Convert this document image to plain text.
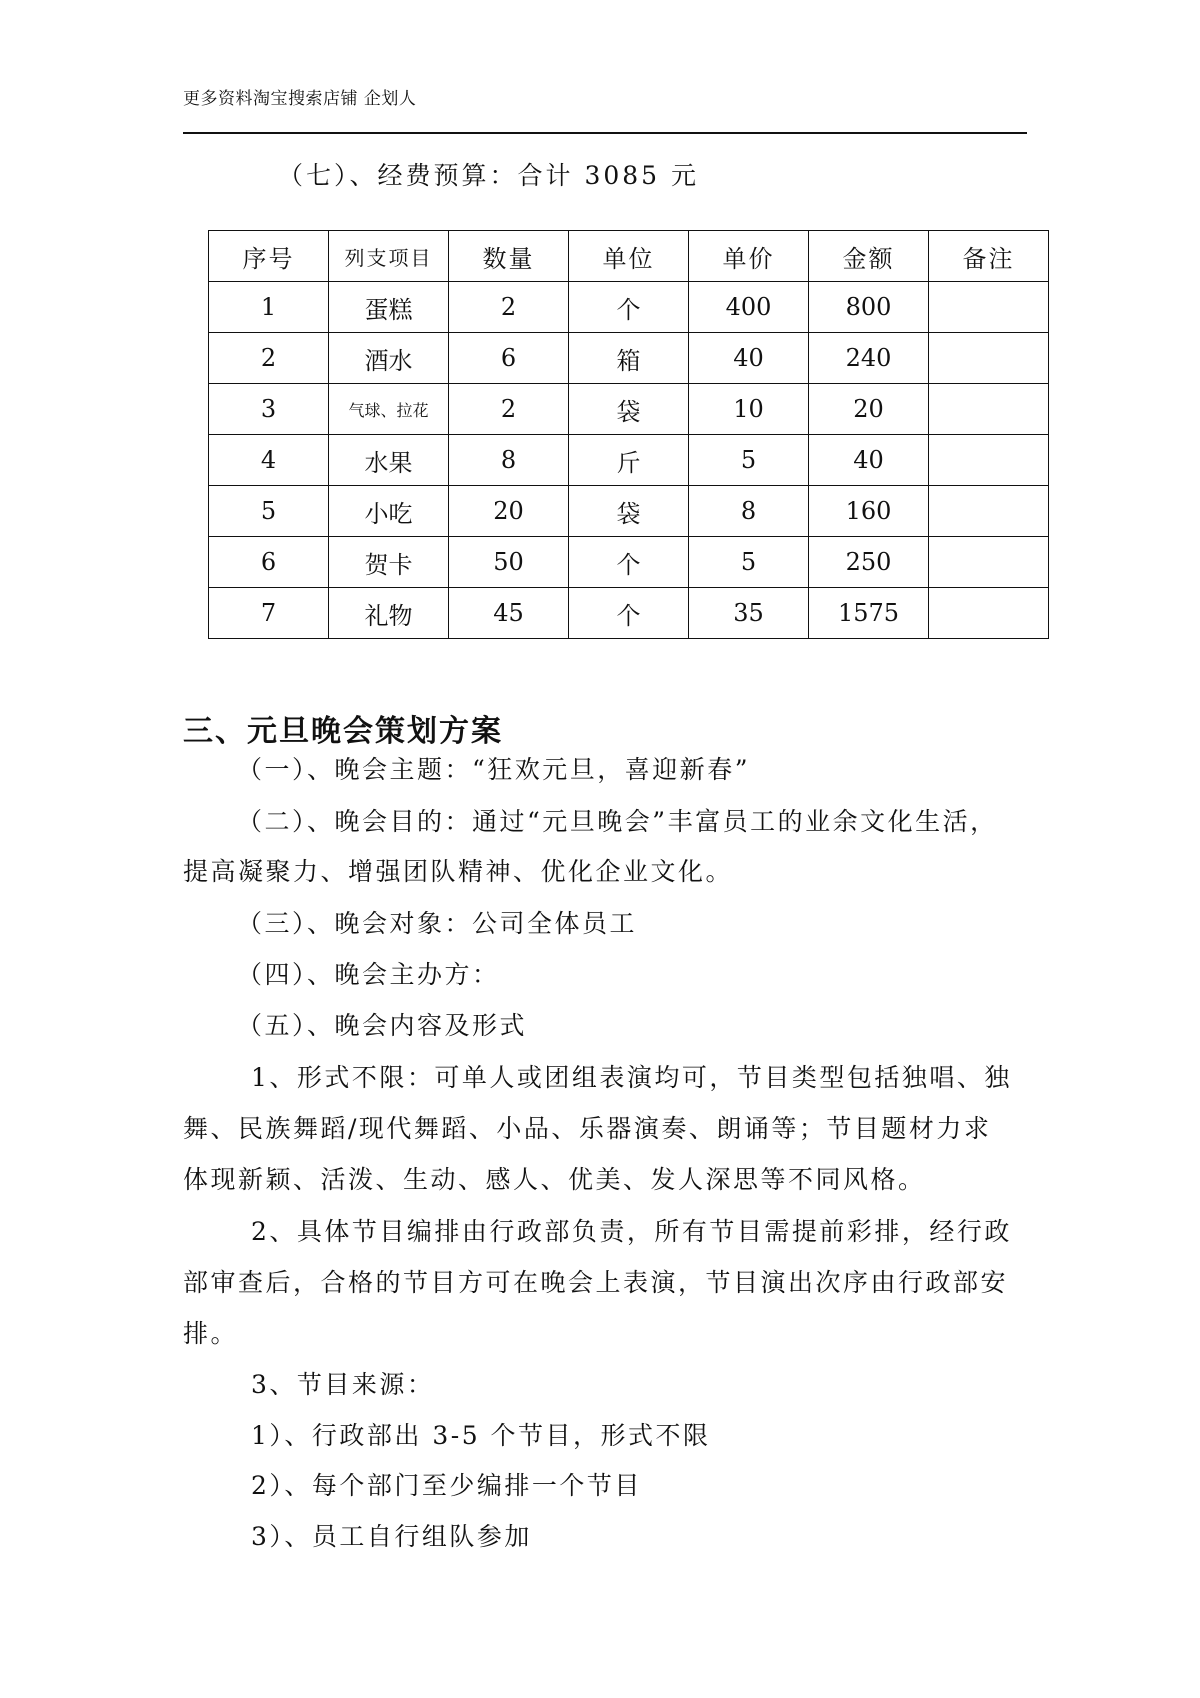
更多资料淘宝搜索店铺 企划人
（七）、经费预算：合计 3085 元
序号	列支项目	数量	单位	单价	金额	备注
1	蛋糕	2	个	400	800	
2	酒水	6	箱	40	240	
3	气球、拉花	2	袋	10	20	
4	水果	8	斤	5	40	
5	小吃	20	袋	8	160	
6	贺卡	50	个	5	250	
7	礼物	45	个	35	1575	
三、元旦晚会策划方案
（一）、晚会主题：“狂欢元旦，喜迎新春”
（二）、晚会目的：通过“元旦晚会”丰富员工的业余文化生活，
提高凝聚力、增强团队精神、优化企业文化。
（三）、晚会对象：公司全体员工
（四）、晚会主办方：
（五）、晚会内容及形式
1、形式不限：可单人或团组表演均可，节目类型包括独唱、独
舞、民族舞蹈/现代舞蹈、小品、乐器演奏、朗诵等；节目题材力求
体现新颖、活泼、生动、感人、优美、发人深思等不同风格。
2、具体节目编排由行政部负责，所有节目需提前彩排，经行政
部审查后，合格的节目方可在晚会上表演，节目演出次序由行政部安
排。
3、节目来源：
1）、行政部出 3-5 个节目，形式不限
2）、每个部门至少编排一个节目
3）、员工自行组队参加
